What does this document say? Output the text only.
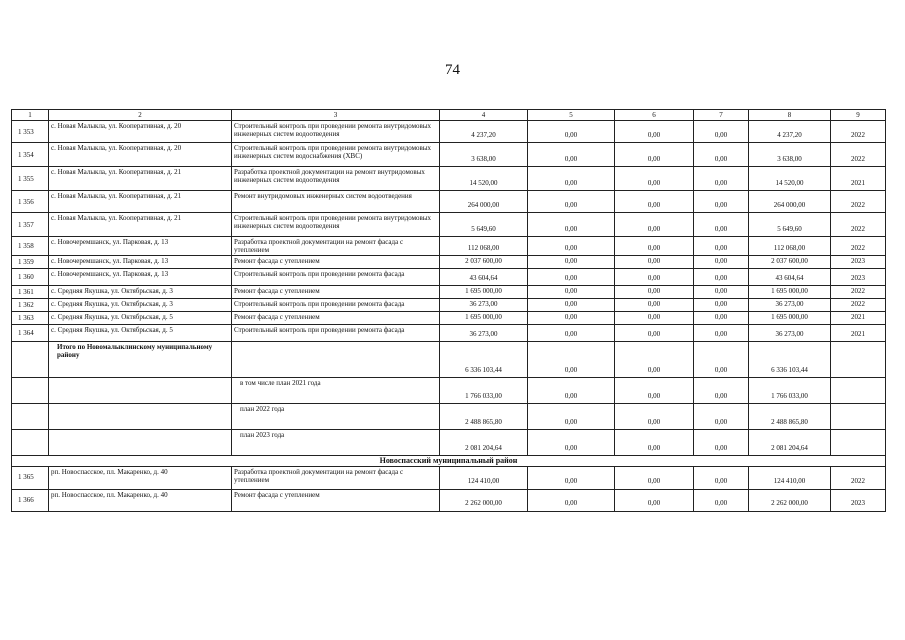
74
1	2	3	4	5	6	7	8	9
1 353	с. Новая Малыкла, ул. Кооперативная, д. 20	Строительный контроль при проведении ремонта внутридомовых инженерных систем водоотведения	4 237,20	0,00	0,00	0,00	4 237,20	2022
1 354	с. Новая Малыкла, ул. Кооперативная, д. 20	Строительный контроль при проведении ремонта внутридомовых инженерных систем водоснабжения (ХВС)	3 638,00	0,00	0,00	0,00	3 638,00	2022
1 355	с. Новая Малыкла, ул. Кооперативная, д. 21	Разработка проектной документации на ремонт внутридомовых инженерных систем водоотведения	14 520,00	0,00	0,00	0,00	14 520,00	2021
1 356	с. Новая Малыкла, ул. Кооперативная, д. 21	Ремонт внутридомовых инженерных систем водоотведения	264 000,00	0,00	0,00	0,00	264 000,00	2022
1 357	с. Новая Малыкла, ул. Кооперативная, д. 21	Строительный контроль при проведении ремонта внутридомовых инженерных систем водоотведения	5 649,60	0,00	0,00	0,00	5 649,60	2022
1 358	с. Новочеремшанск, ул. Парковая, д. 13	Разработка проектной документации на ремонт фасада с утеплением	112 068,00	0,00	0,00	0,00	112 068,00	2022
1 359	с. Новочеремшанск, ул. Парковая, д. 13	Ремонт фасада с утеплением	2 037 600,00	0,00	0,00	0,00	2 037 600,00	2023
1 360	с. Новочеремшанск, ул. Парковая, д. 13	Строительный контроль при проведении ремонта фасада	43 604,64	0,00	0,00	0,00	43 604,64	2023
1 361	с. Средняя Якушка, ул. Октябрьская, д. 3	Ремонт фасада с утеплением	1 695 000,00	0,00	0,00	0,00	1 695 000,00	2022
1 362	с. Средняя Якушка, ул. Октябрьская, д. 3	Строительный контроль при проведении ремонта фасада	36 273,00	0,00	0,00	0,00	36 273,00	2022
1 363	с. Средняя Якушка, ул. Октябрьская, д. 5	Ремонт фасада с утеплением	1 695 000,00	0,00	0,00	0,00	1 695 000,00	2021
1 364	с. Средняя Якушка, ул. Октябрьская, д. 5	Строительный контроль при проведении ремонта фасада	36 273,00	0,00	0,00	0,00	36 273,00	2021
	Итого по Новомалыклинскому муниципальному району		6 336 103,44	0,00	0,00	0,00	6 336 103,44	
		в том числе план 2021 года	1 766 033,00	0,00	0,00	0,00	1 766 033,00	
		план 2022 года	2 488 865,80	0,00	0,00	0,00	2 488 865,80	
		план 2023 года	2 081 204,64	0,00	0,00	0,00	2 081 204,64	
Новоспасский муниципальный район								
1 365	рп. Новоспасское, пл. Макаренко, д. 40	Разработка проектной документации на ремонт фасада с утеплением	124 410,00	0,00	0,00	0,00	124 410,00	2022
1 366	рп. Новоспасское, пл. Макаренко, д. 40	Ремонт фасада с утеплением	2 262 000,00	0,00	0,00	0,00	2 262 000,00	2023
